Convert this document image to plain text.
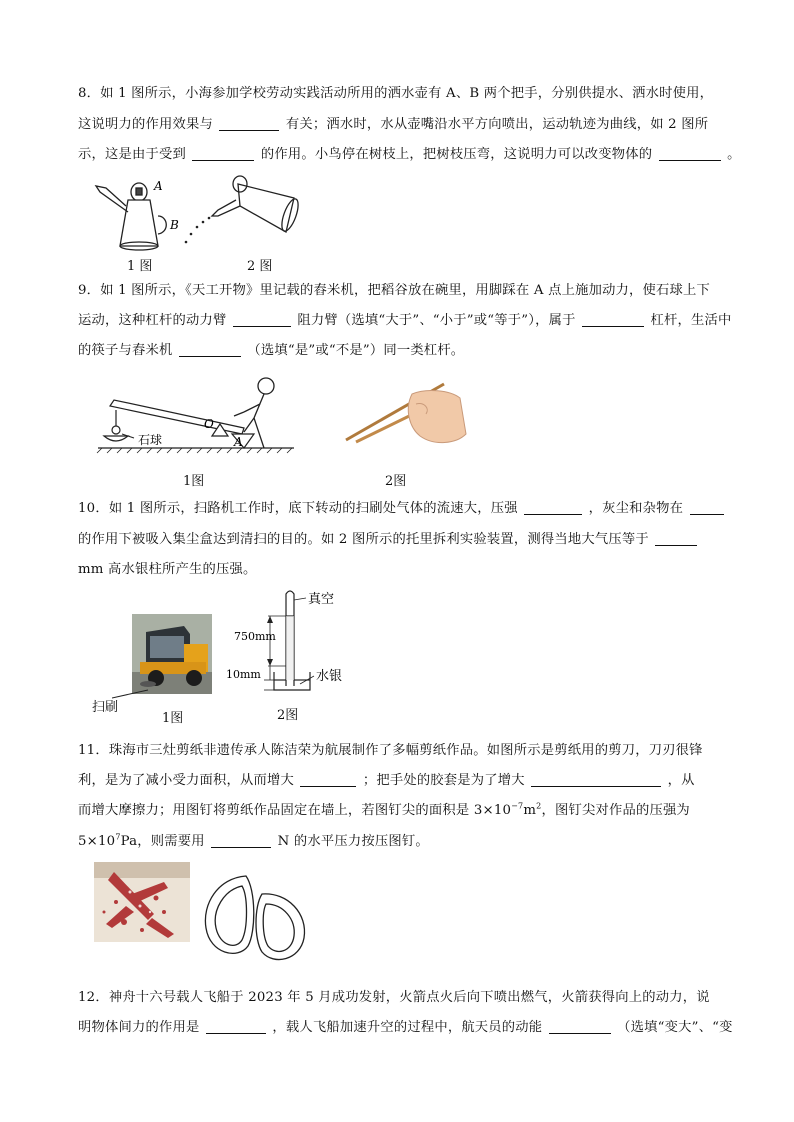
8．如 1 图所示，小海参加学校劳动实践活动所用的洒水壶有 A、B 两个把手，分别供提水、洒水时使用，
这说明力的作用效果与	有关；洒水时，水从壶嘴沿水平方向喷出，运动轨迹为曲线，如 2 图所
示，这是由于受到	的作用。小鸟停在树枝上，把树枝压弯，这说明力可以改变物体的	。
A
B
1 图	2 图
9．如 1 图所示，《天工开物》里记载的舂米机，把稻谷放在碗里，用脚踩在 A 点上施加动力，使石球上下
运动，这种杠杆的动力臂	阻力臂（选填“大于”、“小于”或“等于”），属于	杠杆，生活中
的筷子与舂米机	（选填“是”或“不是”）同一类杠杆。
石球
O
A
1图	2图
10．如 1 图所示，扫路机工作时，底下转动的扫刷处气体的流速大，压强	，灰尘和杂物在
的作用下被吸入集尘盒达到清扫的目的。如 2 图所示的托里拆利实验装置，测得当地大气压等于
mm 高水银柱所产生的压强。
扫刷
1图
真空
750mm
10mm	水银
2图
11．珠海市三灶剪纸非遗传承人陈洁荣为航展制作了多幅剪纸作品。如图所示是剪纸用的剪刀，刀刃很锋
利，是为了减小受力面积，从而增大	；把手处的胶套是为了增大	，从
而增大摩擦力；用图钉将剪纸作品固定在墙上，若图钉尖的面积是 $3\times 10^{-7}m^2$，图钉尖对作品的压强为
$5\times 10^7Pa$，则需要用	N 的水平压力按压图钉。
12．神舟十六号载人飞船于 2023 年 5 月成功发射，火箭点火后向下喷出燃气，火箭获得向上的动力，说
明物体间力的作用是	，载人飞船加速升空的过程中，航天员的动能	（选填“变大”、“变
